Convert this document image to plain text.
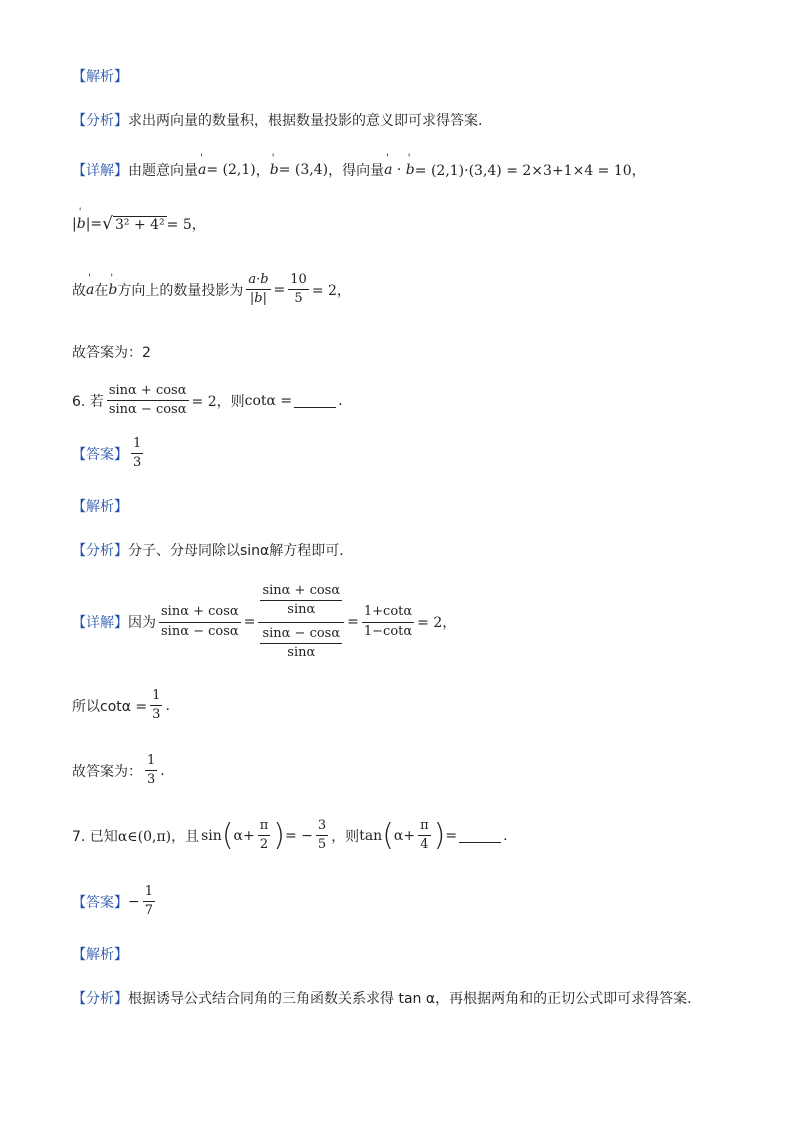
【解析】
【分析】 求出两向量的数量积，根据数量投影的意义即可求得答案.
【详解】 由题意向量 ' a = (2,1) ， ' b = (3,4) ，得向量 ' a · ' b = (2,1)·(3,4) = 2×3+1×4 = 10，
| ' b |= √ 3² + 4² = 5，
故 ' a 在 ' b 方向上的数量投影为 $\frac{a\cdot b}{|b|} = \frac{10}{5} = 2$，
故答案为：2
6. 若 $\frac{\sin\alpha + \cos\alpha}{\sin\alpha - \cos\alpha} = 2$，则 cotα =	.
【答案】 $\frac{1}{3}$
【解析】
【分析】 分子、分母同除以sinα解方程即可.
【详解】 因为 $\frac{\sin\alpha + \cos\alpha}{\sin\alpha - \cos\alpha} = \frac{\frac{\sin\alpha + \cos\alpha}{\sin\alpha}}{\frac{\sin\alpha - \cos\alpha}{\sin\alpha}} = \frac{1+\cot\alpha}{1-\cot\alpha} = 2$，
所以$\cot\alpha = \frac{1}{3}$ .
故答案为： $\frac{1}{3}$ .
7. 已知 α∈(0,π)，且 sin ( $\alpha+ \frac{\pi}{2}$ ) = − $\frac{3}{5}$ ，则 tan ( $\alpha+ \frac{\pi}{4}$ ) =	.
【答案】 − $\frac{1}{7}$
【解析】
【分析】 根据诱导公式结合同角的三角函数关系求得 tan α，再根据两角和的正切公式即可求得答案.
